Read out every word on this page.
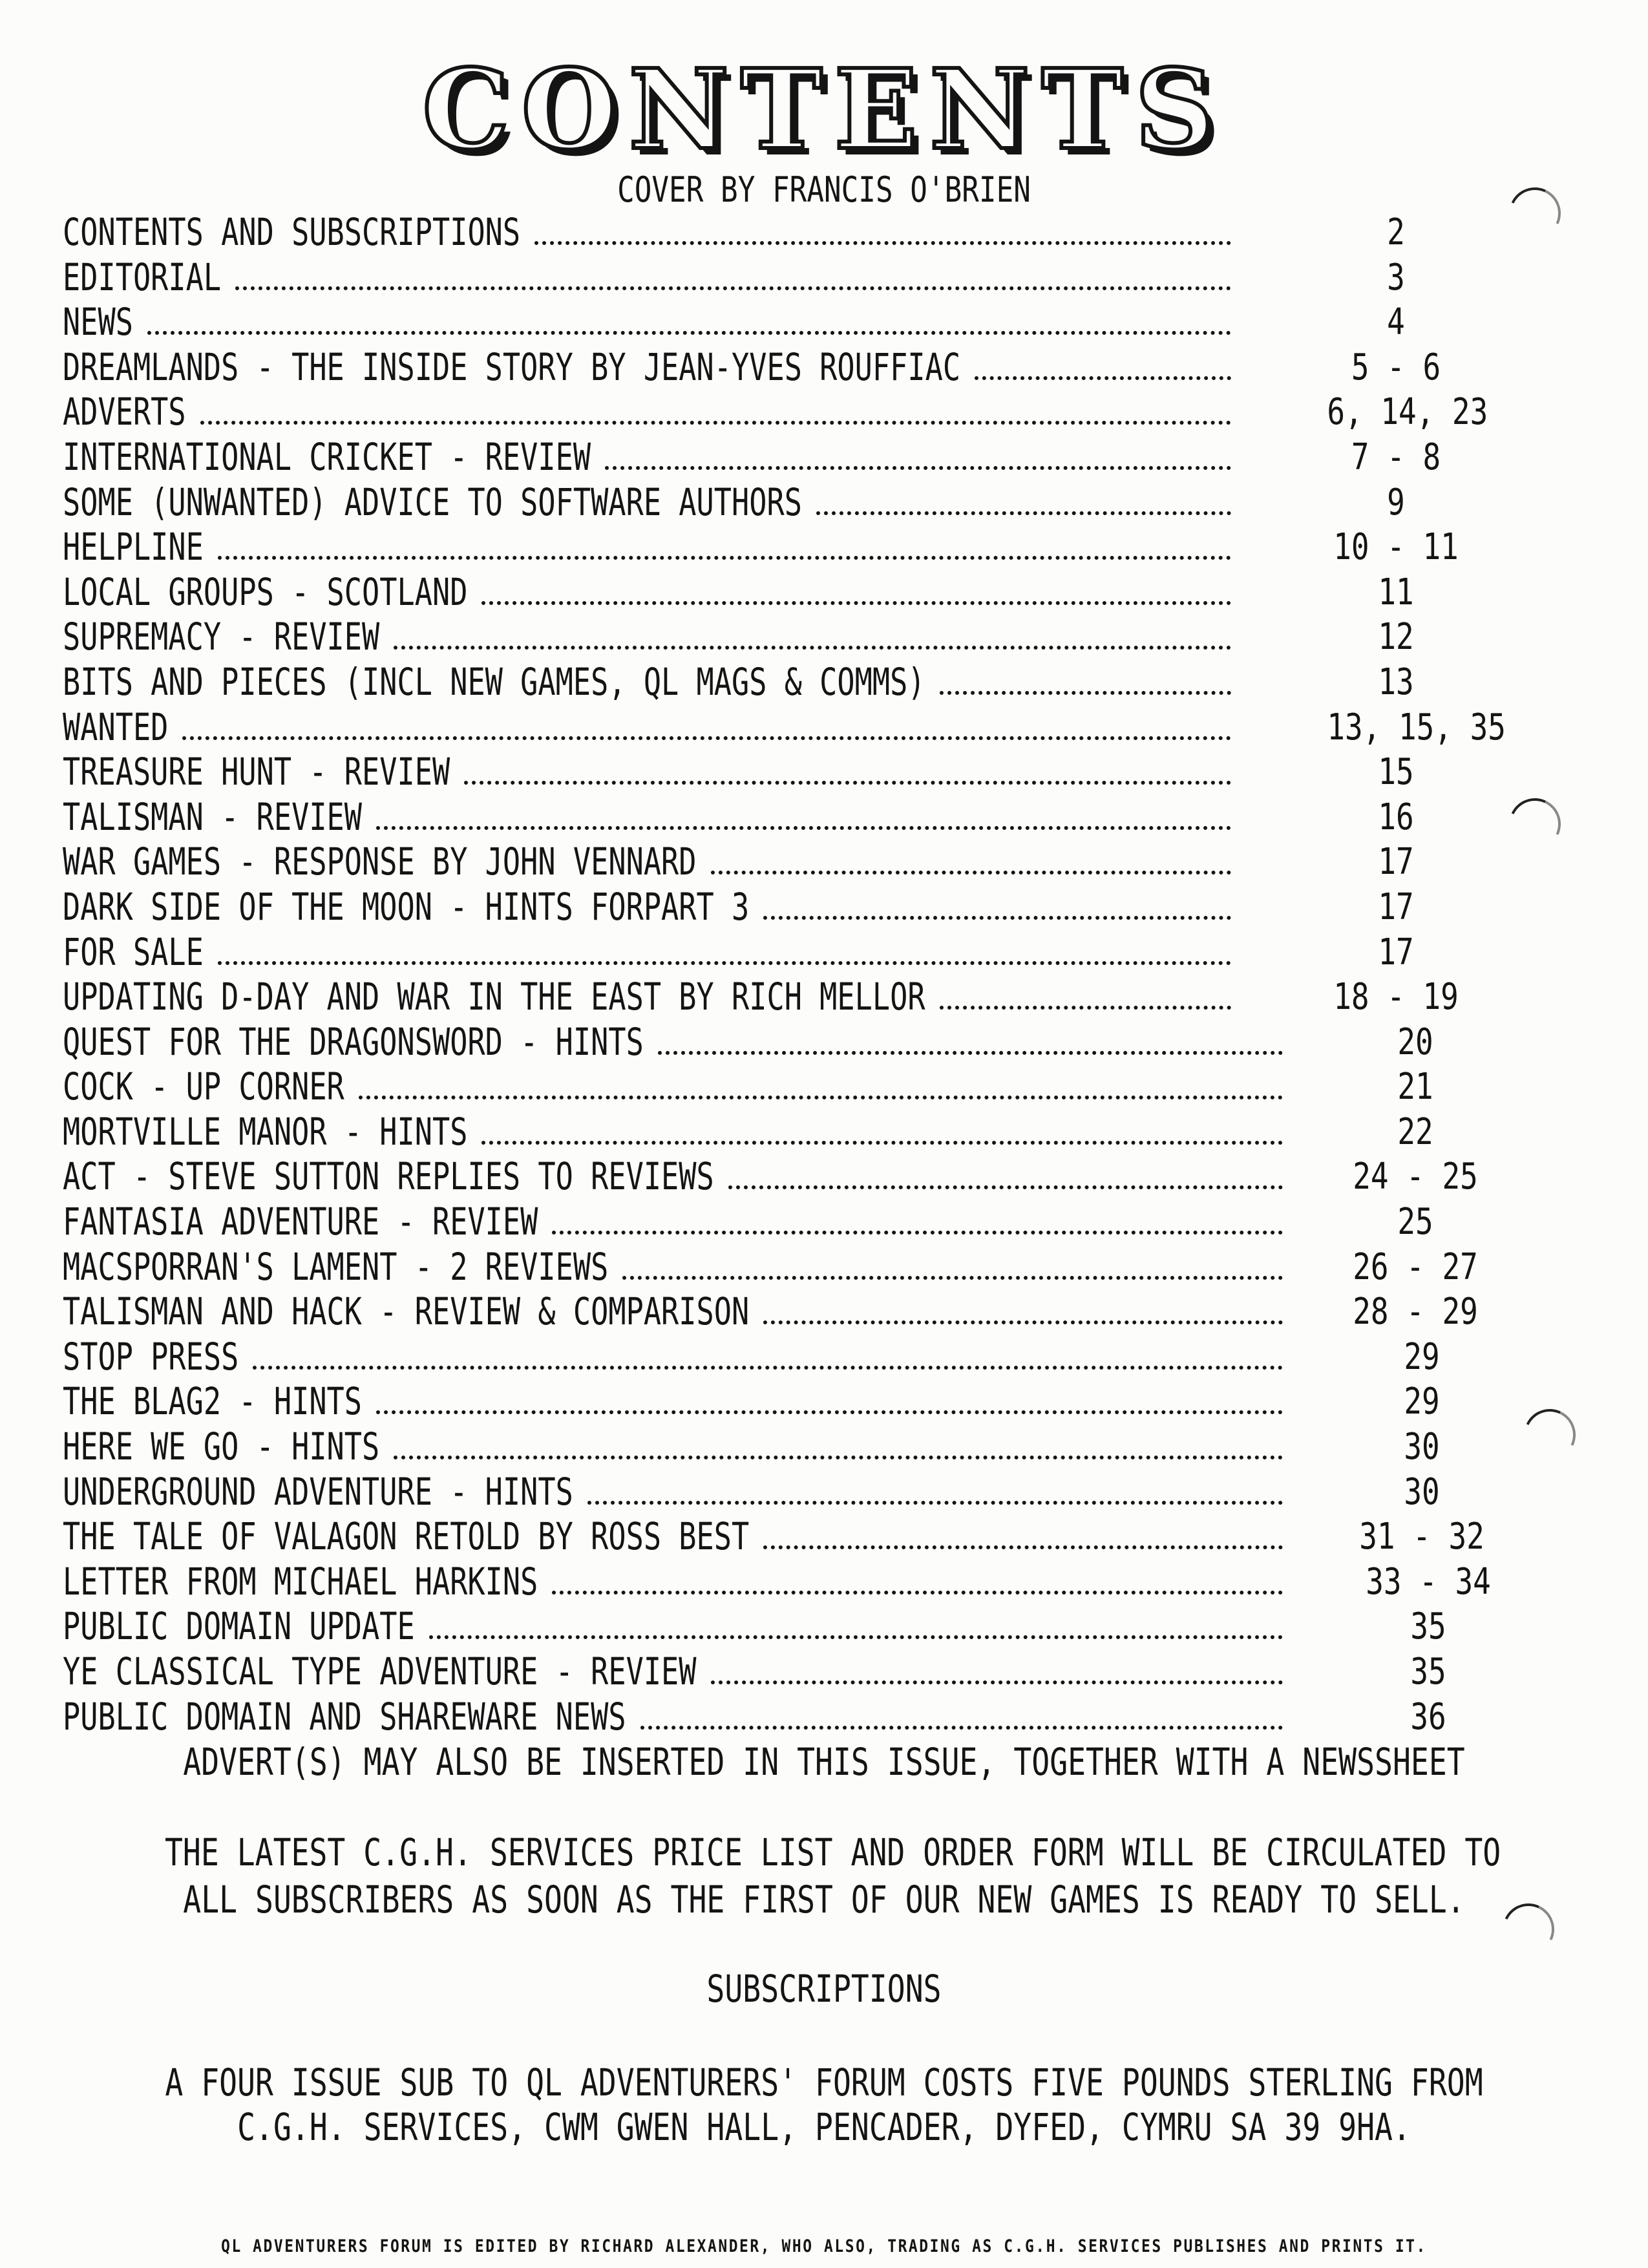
CONTENTS
COVER BY FRANCIS O'BRIEN
CONTENTS AND SUBSCRIPTIONS	2
EDITORIAL	3
NEWS	4
DREAMLANDS - THE INSIDE STORY BY JEAN-YVES ROUFFIAC	5 - 6
ADVERTS	6, 14, 23
INTERNATIONAL CRICKET - REVIEW	7 - 8
SOME (UNWANTED) ADVICE TO SOFTWARE AUTHORS	9
HELPLINE	10 - 11
LOCAL GROUPS - SCOTLAND	11
SUPREMACY - REVIEW	12
BITS AND PIECES (INCL NEW GAMES, QL MAGS & COMMS)	13
WANTED	13, 15, 35
TREASURE HUNT - REVIEW	15
TALISMAN - REVIEW	16
WAR GAMES - RESPONSE BY JOHN VENNARD	17
DARK SIDE OF THE MOON - HINTS FORPART 3	17
FOR SALE	17
UPDATING D-DAY AND WAR IN THE EAST BY RICH MELLOR	18 - 19
QUEST FOR THE DRAGONSWORD - HINTS	20
COCK - UP CORNER	21
MORTVILLE MANOR - HINTS	22
ACT - STEVE SUTTON REPLIES TO REVIEWS	24 - 25
FANTASIA ADVENTURE - REVIEW	25
MACSPORRAN'S LAMENT - 2 REVIEWS	26 - 27
TALISMAN AND HACK - REVIEW & COMPARISON	28 - 29
STOP PRESS	29
THE BLAG2 - HINTS	29
HERE WE GO - HINTS	30
UNDERGROUND ADVENTURE - HINTS	30
THE TALE OF VALAGON RETOLD BY ROSS BEST	31 - 32
LETTER FROM MICHAEL HARKINS	33 - 34
PUBLIC DOMAIN UPDATE	35
YE CLASSICAL TYPE ADVENTURE - REVIEW	35
PUBLIC DOMAIN AND SHAREWARE NEWS	36
ADVERT(S) MAY ALSO BE INSERTED IN THIS ISSUE, TOGETHER WITH A NEWSSHEET
THE LATEST C.G.H. SERVICES PRICE LIST AND ORDER FORM WILL BE CIRCULATED TO
ALL SUBSCRIBERS AS SOON AS THE FIRST OF OUR NEW GAMES IS READY TO SELL.
SUBSCRIPTIONS
A FOUR ISSUE SUB TO QL ADVENTURERS' FORUM COSTS FIVE POUNDS STERLING FROM
C.G.H. SERVICES, CWM GWEN HALL, PENCADER, DYFED, CYMRU SA 39 9HA.
QL ADVENTURERS FORUM IS EDITED BY RICHARD ALEXANDER, WHO ALSO, TRADING AS C.G.H. SERVICES PUBLISHES AND PRINTS IT.
